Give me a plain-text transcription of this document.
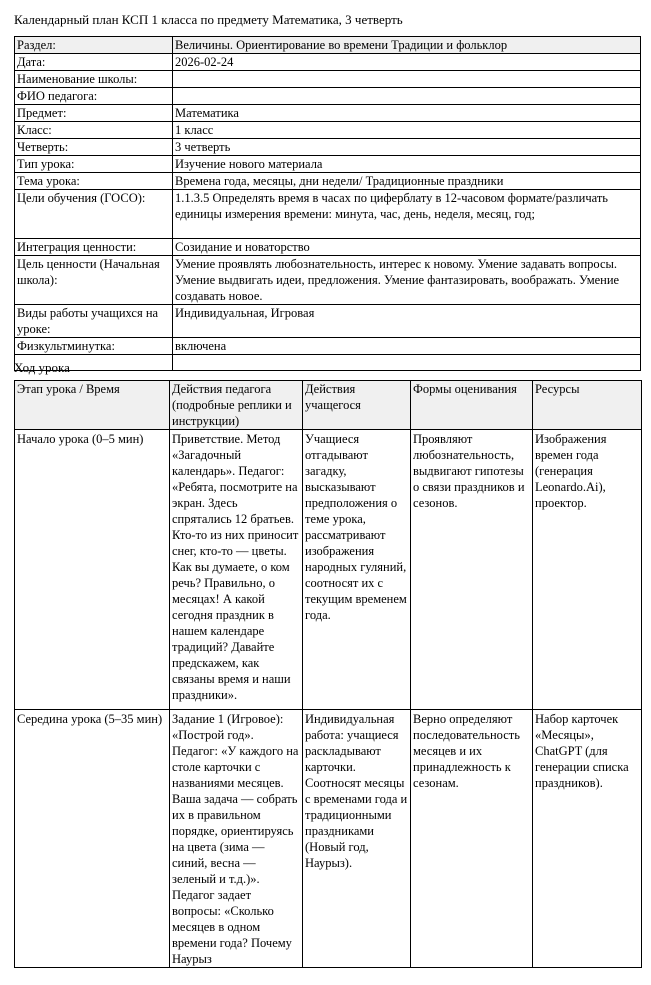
Календарный план КСП 1 класса по предмету Математика, 3 четверть
Раздел:	Величины. Ориентирование во времени Традиции и фольклор
Дата:	2026-02-24
Наименование школы:	
ФИО педагога:	
Предмет:	Математика
Класс:	1 класс
Четверть:	3 четверть
Тип урока:	Изучение нового материала
Тема урока:	Времена года, месяцы, дни недели/ Традиционные праздники
Цели обучения (ГОСО):	1.1.3.5 Определять время в часах по циферблату в 12-часовом формате/различать единицы измерения времени: минута, час, день, неделя, месяц, год;
Интеграция ценности:	Созидание и новаторство
Цель ценности (Начальная школа):	Умение проявлять любознательность, интерес к новому. Умение задавать вопросы. Умение выдвигать идеи, предложения. Умение фантазировать, воображать. Умение создавать новое.
Виды работы учащихся на уроке:	Индивидуальная, Игровая
Физкультминутка:	включена

Ход урока
Этап урока / Время	Действия педагога (подробные реплики и инструкции)	Действия учащегося	Формы оценивания	Ресурсы
Начало урока (0–5 мин)	Приветствие. Метод «Загадочный календарь». Педагог: «Ребята, посмотрите на экран. Здесь спрятались 12 братьев. Кто-то из них приносит снег, кто-то — цветы. Как вы думаете, о ком речь? Правильно, о месяцах! А какой сегодня праздник в нашем календаре традиций? Давайте предскажем, как связаны время и наши праздники».	Учащиеся отгадывают загадку, высказывают предположения о теме урока, рассматривают изображения народных гуляний, соотносят их с текущим временем года.	Проявляют любознательность, выдвигают гипотезы о связи праздников и сезонов.	Изображения времен года (генерация Leonardo.Ai), проектор.
Середина урока (5–35 мин)	Задание 1 (Игровое): «Построй год». Педагог: «У каждого на столе карточки с названиями месяцев. Ваша задача — собрать их в правильном порядке, ориентируясь на цвета (зима — синий, весна — зеленый и т.д.)». Педагог задает вопросы: «Сколько месяцев в одном времени года? Почему Наурыз	Индивидуальная работа: учащиеся раскладывают карточки. Соотносят месяцы с временами года и традиционными праздниками (Новый год, Наурыз).	Верно определяют последовательность месяцев и их принадлежность к сезонам.	Набор карточек «Месяцы», ChatGPT (для генерации списка праздников).
